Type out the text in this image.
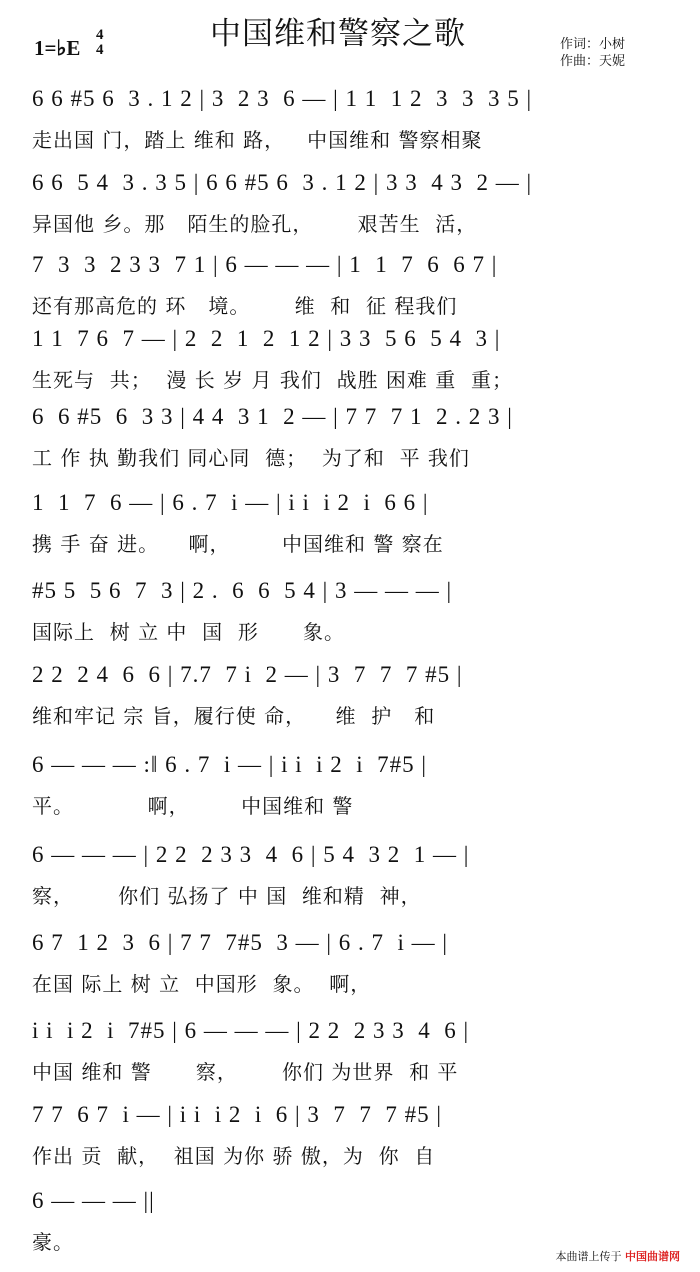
1=♭E
4
4	中国维和警察之歌	作词：小树
作曲：天妮
6 6 #5 6  3 . 1 2 | 3  2 3  6 — | 1 1  1 2  3  3  3 5 |
走出国 门，踏上 维和 路，   中国维和 警察相聚
6 6  5 4  3 . 3 5 | 6 6 #5 6  3 . 1 2 | 3 3  4 3  2 — |
异国他 乡。那   陌生的脸孔，      艰苦生  活，
7  3  3  2 3 3  7 1 | 6 — — — | 1  1  7  6  6 7 |
还有那高危的 环   境。      维  和  征 程我们
1 1  7 6  7 — | 2  2  1  2  1 2 | 3 3  5 6  5 4  3 |
生死与  共；  漫 长 岁 月 我们  战胜 困难 重  重；
6  6 #5  6  3 3 | 4 4  3 1  2 — | 7 7  7 1  2 . 2 3 |
工 作 执 勤我们 同心同  德；  为了和  平 我们
1  1  7  6 — | 6 . 7  i — | i i  i 2  i  6 6 |
携 手 奋 进。    啊，       中国维和 警 察在
#5 5  5 6  7  3 | 2 .  6  6  5 4 | 3 — — — |
国际上  树 立 中  国  形      象。
2 2  2 4  6  6 | 7.7  7 i  2 — | 3  7  7  7 #5 |
维和牢记 宗 旨，履行使 命，    维  护   和
6 — — — :‖ 6 . 7  i — | i i  i 2  i  7#5 |
平。          啊，       中国维和 警
6 — — — | 2 2  2 3 3  4  6 | 5 4  3 2  1 — |
察，      你们 弘扬了 中 国  维和精  神，
6 7  1 2  3  6 | 7 7  7#5  3 — | 6 . 7  i — |
在国 际上 树 立  中国形  象。  啊，
i i  i 2  i  7#5 | 6 — — — | 2 2  2 3 3  4  6 |
中国 维和 警      察，      你们 为世界  和 平
7 7  6 7  i — | i i  i 2  i  6 | 3  7  7  7 #5 |
作出 贡  献，  祖国 为你 骄 傲，为  你  自
6 — — — ||
豪。
本曲谱上传于 中国曲谱网
